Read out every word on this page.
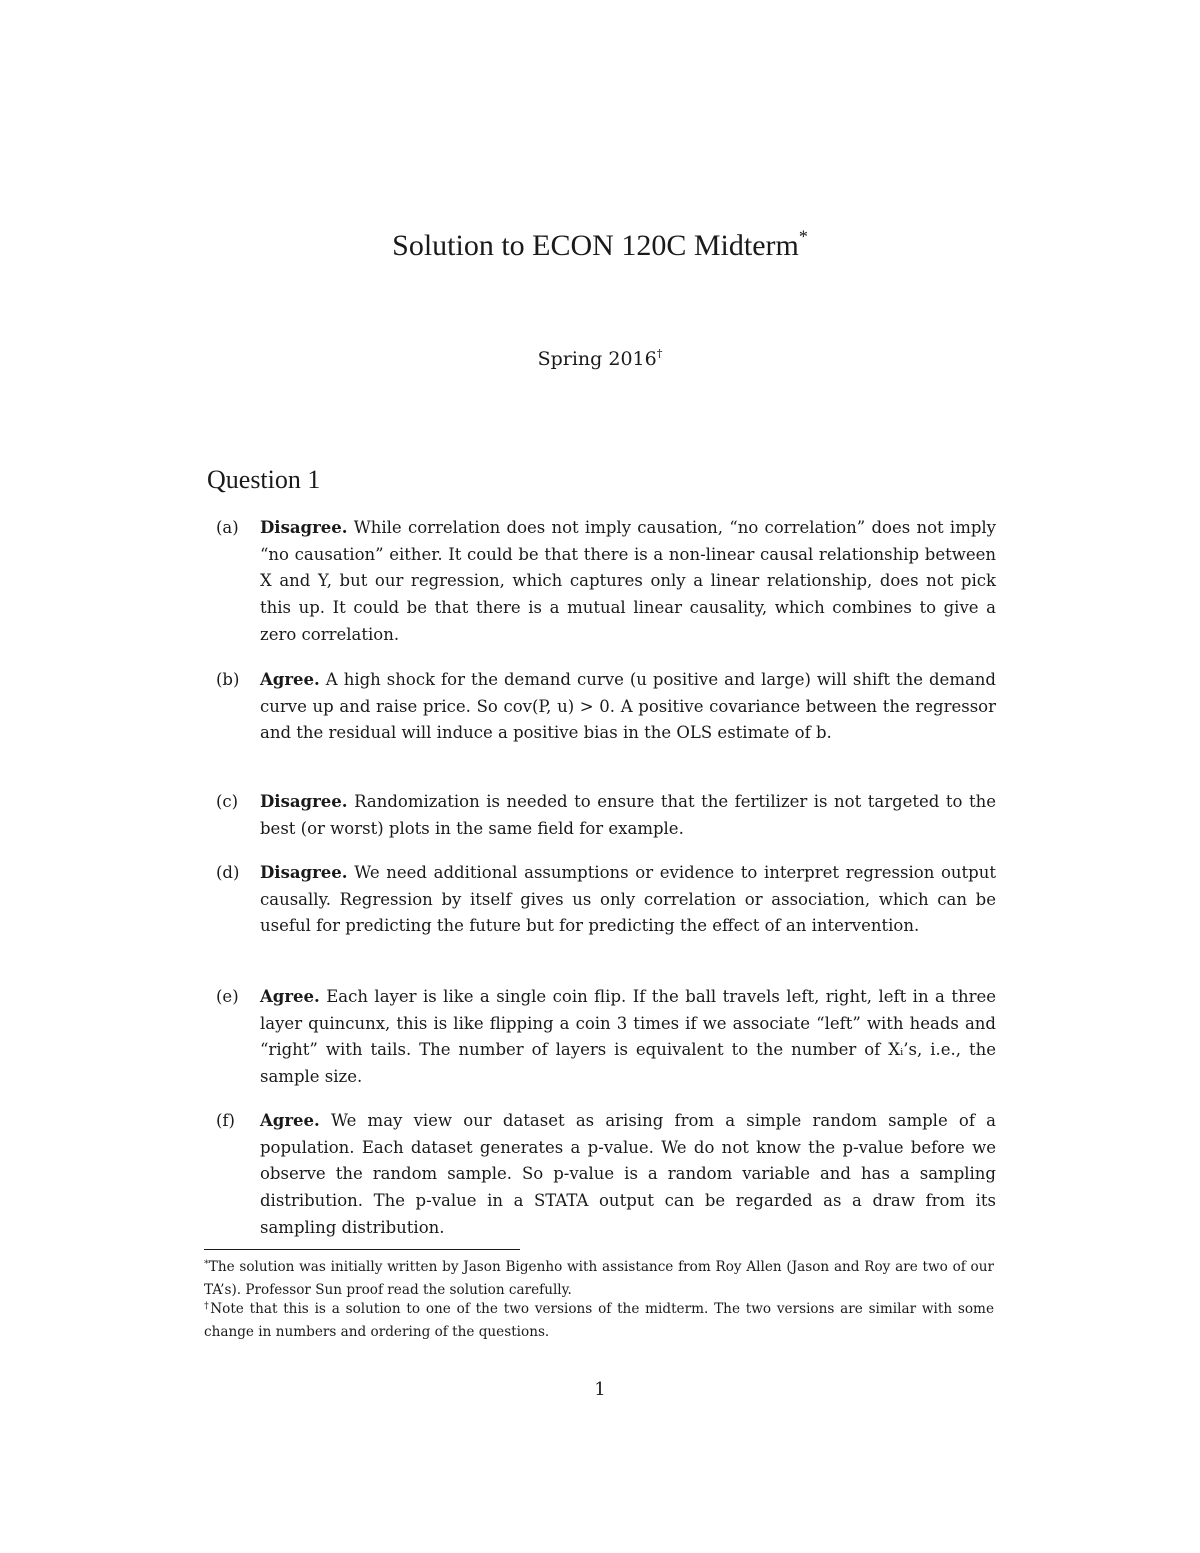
Solution to ECON 120C Midterm*
Spring 2016†
Question 1
(a)	Disagree. While correlation does not imply causation, “no correlation” does not imply “no causation” either. It could be that there is a non-linear causal relationship between X and Y, but our regression, which captures only a linear relationship, does not pick this up. It could be that there is a mutual linear causality, which combines to give a zero correlation.
(b)	Agree. A high shock for the demand curve (u positive and large) will shift the demand curve up and raise price. So cov(P, u) > 0. A positive covariance between the regressor and the residual will induce a positive bias in the OLS estimate of b.
(c)	Disagree. Randomization is needed to ensure that the fertilizer is not targeted to the best (or worst) plots in the same field for example.
(d)	Disagree. We need additional assumptions or evidence to interpret regression output causally. Regression by itself gives us only correlation or association, which can be useful for predicting the future but for predicting the effect of an intervention.
(e)	Agree. Each layer is like a single coin flip. If the ball travels left, right, left in a three layer quincunx, this is like flipping a coin 3 times if we associate “left” with heads and “right” with tails. The number of layers is equivalent to the number of Xᵢ’s, i.e., the sample size.
(f)	Agree. We may view our dataset as arising from a simple random sample of a population. Each dataset generates a p-value. We do not know the p-value before we observe the random sample. So p-value is a random variable and has a sampling distribution. The p-value in a STATA output can be regarded as a draw from its sampling distribution.
*The solution was initially written by Jason Bigenho with assistance from Roy Allen (Jason and Roy are two of our TA’s). Professor Sun proof read the solution carefully.
†Note that this is a solution to one of the two versions of the midterm. The two versions are similar with some change in numbers and ordering of the questions.
1
